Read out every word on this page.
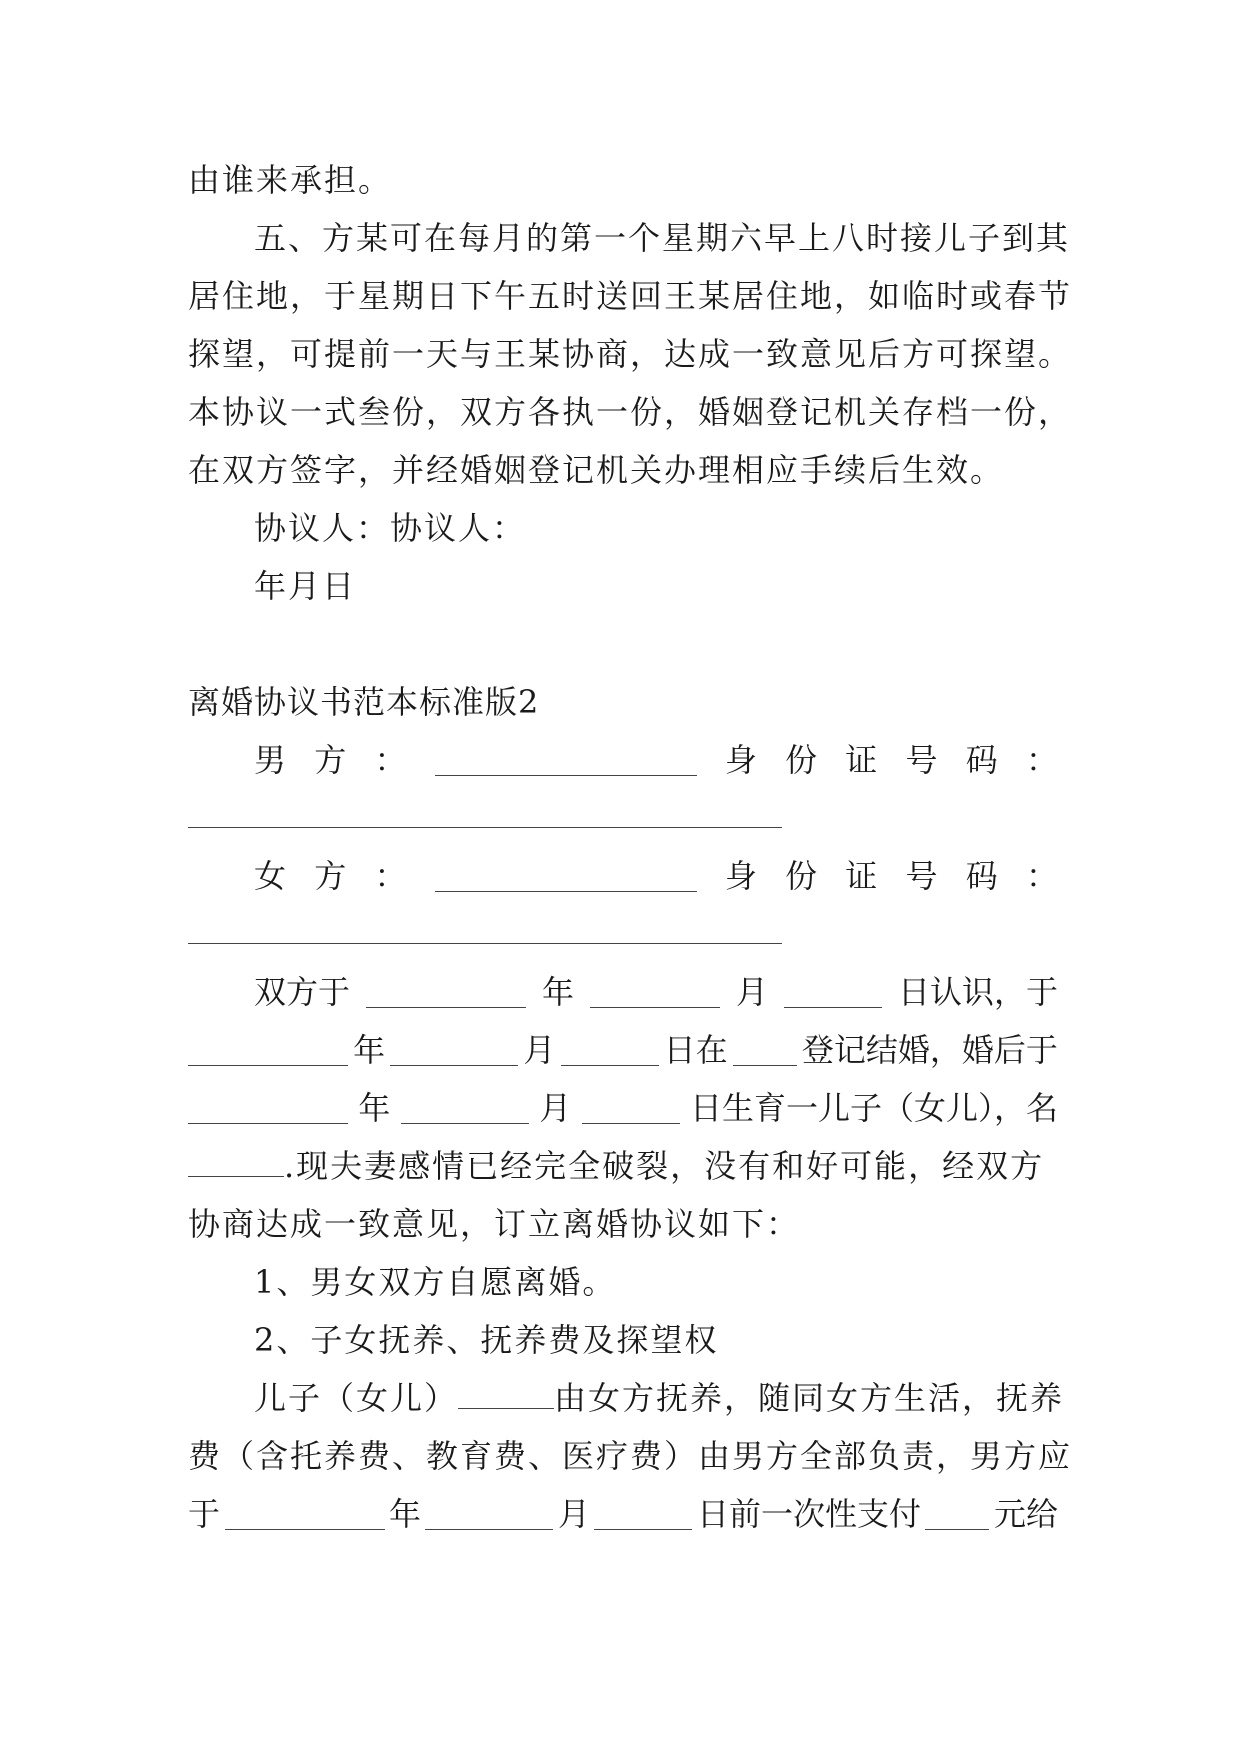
由谁来承担。
五、方某可在每月的第一个星期六早上八时接儿子到其
居住地，于星期日下午五时送回王某居住地，如临时或春节
探望，可提前一天与王某协商，达成一致意见后方可探望。
本协议一式叁份，双方各执一份，婚姻登记机关存档一份，
在双方签字，并经婚姻登记机关办理相应手续后生效。
协议人：协议人：
年月日
离婚协议书范本标准版2
男 方 ：	身 份 证 号 码 ：
女 方 ：	身 份 证 号 码 ：
双方于	年	月	日认识，于
年	月	日在 登记结婚，婚后于
年	月	日生育一儿子（女儿），名
.现夫妻感情已经完全破裂，没有和好可能，经双方
协商达成一致意见，订立离婚协议如下：
1、男女双方自愿离婚。
2、子女抚养、抚养费及探望权
儿子（女儿）	由女方抚养，随同女方生活，抚养
费（含托养费、教育费、医疗费）由男方全部负责，男方应
于	年	月	日前一次性支付 元给
